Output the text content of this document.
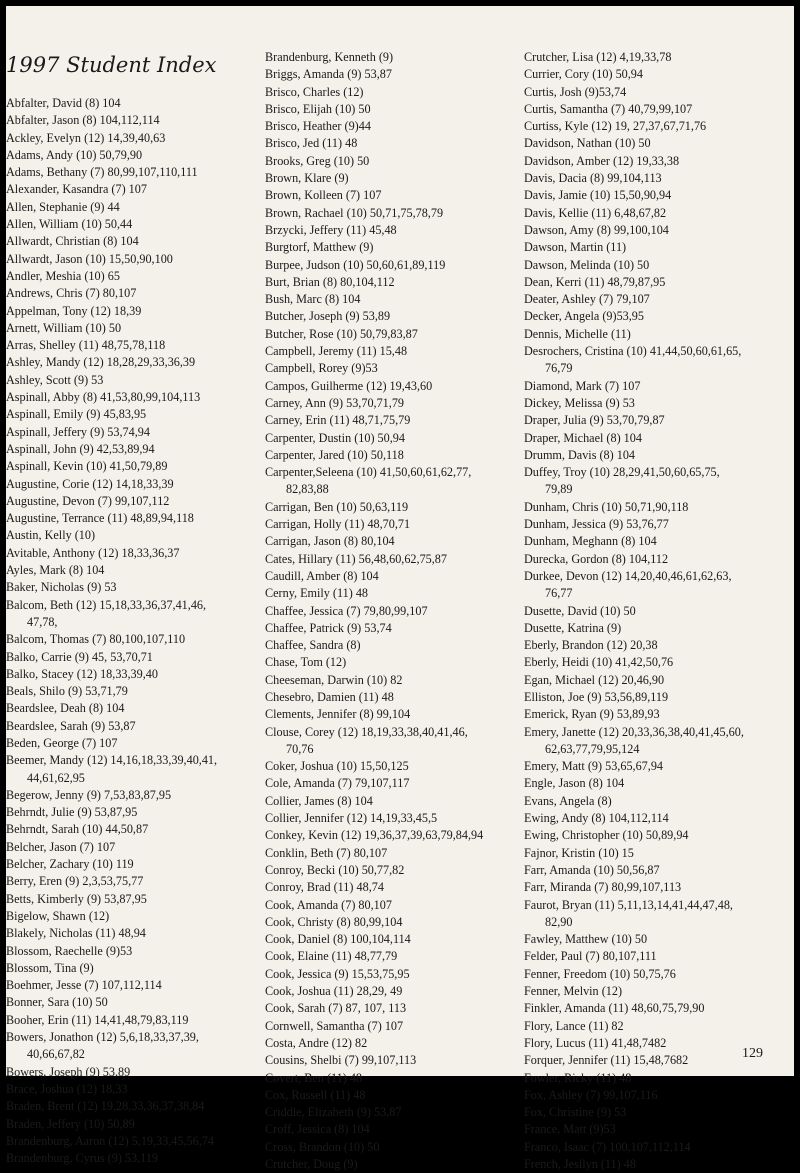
1997 Student Index
Abfalter, David (8) 104
Abfalter, Jason (8) 104,112,114
Ackley, Evelyn (12) 14,39,40,63
Adams, Andy (10) 50,79,90
Adams, Bethany (7) 80,99,107,110,111
Alexander, Kasandra (7) 107
Allen, Stephanie (9) 44
Allen, William (10) 50,44
Allwardt, Christian (8) 104
Allwardt, Jason (10) 15,50,90,100
Andler, Meshia (10) 65
Andrews, Chris (7) 80,107
Appelman, Tony (12) 18,39
Arnett, William (10) 50
Arras, Shelley (11) 48,75,78,118
Ashley, Mandy (12) 18,28,29,33,36,39
Ashley, Scott (9) 53
Aspinall, Abby (8) 41,53,80,99,104,113
Aspinall, Emily (9) 45,83,95
Aspinall, Jeffery (9) 53,74,94
Aspinall, John (9) 42,53,89,94
Aspinall, Kevin (10) 41,50,79,89
Augustine, Corie (12) 14,18,33,39
Augustine, Devon (7) 99,107,112
Augustine, Terrance (11) 48,89,94,118
Austin, Kelly (10)
Avitable, Anthony (12) 18,33,36,37
Ayles, Mark (8) 104
Baker, Nicholas (9) 53
Balcom, Beth (12) 15,18,33,36,37,41,46,
47,78,
Balcom, Thomas (7) 80,100,107,110
Balko, Carrie (9) 45, 53,70,71
Balko, Stacey (12) 18,33,39,40
Beals, Shilo (9) 53,71,79
Beardslee, Deah (8) 104
Beardslee, Sarah (9) 53,87
Beden, George (7) 107
Beemer, Mandy (12) 14,16,18,33,39,40,41,
44,61,62,95
Begerow, Jenny (9) 7,53,83,87,95
Behrndt, Julie (9) 53,87,95
Behrndt, Sarah (10) 44,50,87
Belcher, Jason (7) 107
Belcher, Zachary (10) 119
Berry, Eren (9) 2,3,53,75,77
Betts, Kimberly (9) 53,87,95
Bigelow, Shawn (12)
Blakely, Nicholas (11) 48,94
Blossom, Raechelle (9)53
Blossom, Tina (9)
Boehmer, Jesse (7) 107,112,114
Bonner, Sara (10) 50
Booher, Erin (11) 14,41,48,79,83,119
Bowers, Jonathon (12) 5,6,18,33,37,39,
40,66,67,82
Bowers, Joseph (9) 53,89
Brace, Joshua (12) 18,33
Braden, Brent (12) 19,28,33,36,37,38,84
Braden, Jeffery (10) 50,89
Brandenburg, Aaron (12) 5,19,33,45,56,74
Brandenburg, Cyrus (9) 53,119
Brandenburg, Kenneth (9)
Briggs, Amanda (9) 53,87
Brisco, Charles (12)
Brisco, Elijah (10) 50
Brisco, Heather (9)44
Brisco, Jed (11) 48
Brooks, Greg (10) 50
Brown, Klare (9)
Brown, Kolleen (7) 107
Brown, Rachael (10) 50,71,75,78,79
Brzycki, Jeffery (11) 45,48
Burgtorf, Matthew (9)
Burpee, Judson (10) 50,60,61,89,119
Burt, Brian (8) 80,104,112
Bush, Marc (8) 104
Butcher, Joseph (9) 53,89
Butcher, Rose (10) 50,79,83,87
Campbell, Jeremy (11) 15,48
Campbell, Rorey (9)53
Campos, Guilherme (12) 19,43,60
Carney, Ann (9) 53,70,71,79
Carney, Erin (11) 48,71,75,79
Carpenter, Dustin (10) 50,94
Carpenter, Jared (10) 50,118
Carpenter,Seleena (10) 41,50,60,61,62,77,
82,83,88
Carrigan, Ben (10) 50,63,119
Carrigan, Holly (11) 48,70,71
Carrigan, Jason (8) 80,104
Cates, Hillary (11) 56,48,60,62,75,87
Caudill, Amber (8) 104
Cerny, Emily (11) 48
Chaffee, Jessica (7) 79,80,99,107
Chaffee, Patrick (9) 53,74
Chaffee, Sandra (8)
Chase, Tom (12)
Cheeseman, Darwin (10) 82
Chesebro, Damien (11) 48
Clements, Jennifer (8) 99,104
Clouse, Corey (12) 18,19,33,38,40,41,46,
70,76
Coker, Joshua (10) 15,50,125
Cole, Amanda (7) 79,107,117
Collier, James (8) 104
Collier, Jennifer (12) 14,19,33,45,5
Conkey, Kevin (12) 19,36,37,39,63,79,84,94
Conklin, Beth (7) 80,107
Conroy, Becki (10) 50,77,82
Conroy, Brad (11) 48,74
Cook, Amanda (7) 80,107
Cook, Christy (8) 80,99,104
Cook, Daniel (8) 100,104,114
Cook, Elaine (11) 48,77,79
Cook, Jessica (9) 15,53,75,95
Cook, Joshua (11) 28,29, 49
Cook, Sarah (7) 87, 107, 113
Cornwell, Samantha (7) 107
Costa, Andre (12) 82
Cousins, Shelbi (7) 99,107,113
Covert, Ben (11) 48
Cox, Russell (11) 48
Criddle, Elizabeth (9) 53,87
Croff, Jessica (8) 104
Cross, Brandon (10) 50
Crutcher, Doug (9)
Crutcher, Lisa (12) 4,19,33,78
Currier, Cory (10) 50,94
Curtis, Josh (9)53,74
Curtis, Samantha (7) 40,79,99,107
Curtiss, Kyle (12) 19, 27,37,67,71,76
Davidson, Nathan (10) 50
Davidson, Amber (12) 19,33,38
Davis, Dacia (8) 99,104,113
Davis, Jamie (10) 15,50,90,94
Davis, Kellie (11) 6,48,67,82
Dawson, Amy (8) 99,100,104
Dawson, Martin (11)
Dawson, Melinda (10) 50
Dean, Kerri (11) 48,79,87,95
Deater, Ashley (7) 79,107
Decker, Angela (9)53,95
Dennis, Michelle (11)
Desrochers, Cristina (10) 41,44,50,60,61,65,
76,79
Diamond, Mark (7) 107
Dickey, Melissa (9) 53
Draper, Julia (9) 53,70,79,87
Draper, Michael (8) 104
Drumm, Davis (8) 104
Duffey, Troy (10) 28,29,41,50,60,65,75,
79,89
Dunham, Chris (10) 50,71,90,118
Dunham, Jessica (9) 53,76,77
Dunham, Meghann (8) 104
Durecka, Gordon (8) 104,112
Durkee, Devon (12) 14,20,40,46,61,62,63,
76,77
Dusette, David (10) 50
Dusette, Katrina (9)
Eberly, Brandon (12) 20,38
Eberly, Heidi (10) 41,42,50,76
Egan, Michael (12) 20,46,90
Elliston, Joe (9) 53,56,89,119
Emerick, Ryan (9) 53,89,93
Emery, Janette (12) 20,33,36,38,40,41,45,60,
62,63,77,79,95,124
Emery, Matt (9) 53,65,67,94
Engle, Jason (8) 104
Evans, Angela (8)
Ewing, Andy (8) 104,112,114
Ewing, Christopher (10) 50,89,94
Fajnor, Kristin (10) 15
Farr, Amanda (10) 50,56,87
Farr, Miranda (7) 80,99,107,113
Faurot, Bryan (11) 5,11,13,14,41,44,47,48,
82,90
Fawley, Matthew (10) 50
Felder, Paul (7) 80,107,111
Fenner, Freedom (10) 50,75,76
Fenner, Melvin (12)
Finkler, Amanda (11) 48,60,75,79,90
Flory, Lance (11) 82
Flory, Lucus (11) 41,48,7482
Forquer, Jennifer (11) 15,48,7682
Fowler, Ricky (11) 48
Fox, Ashley (7) 99,107,116
Fox, Christine (9) 53
France, Matt (9)53
Franco, Isaac (7) 100,107,112,114
French, Jesilyn (11) 48
129
